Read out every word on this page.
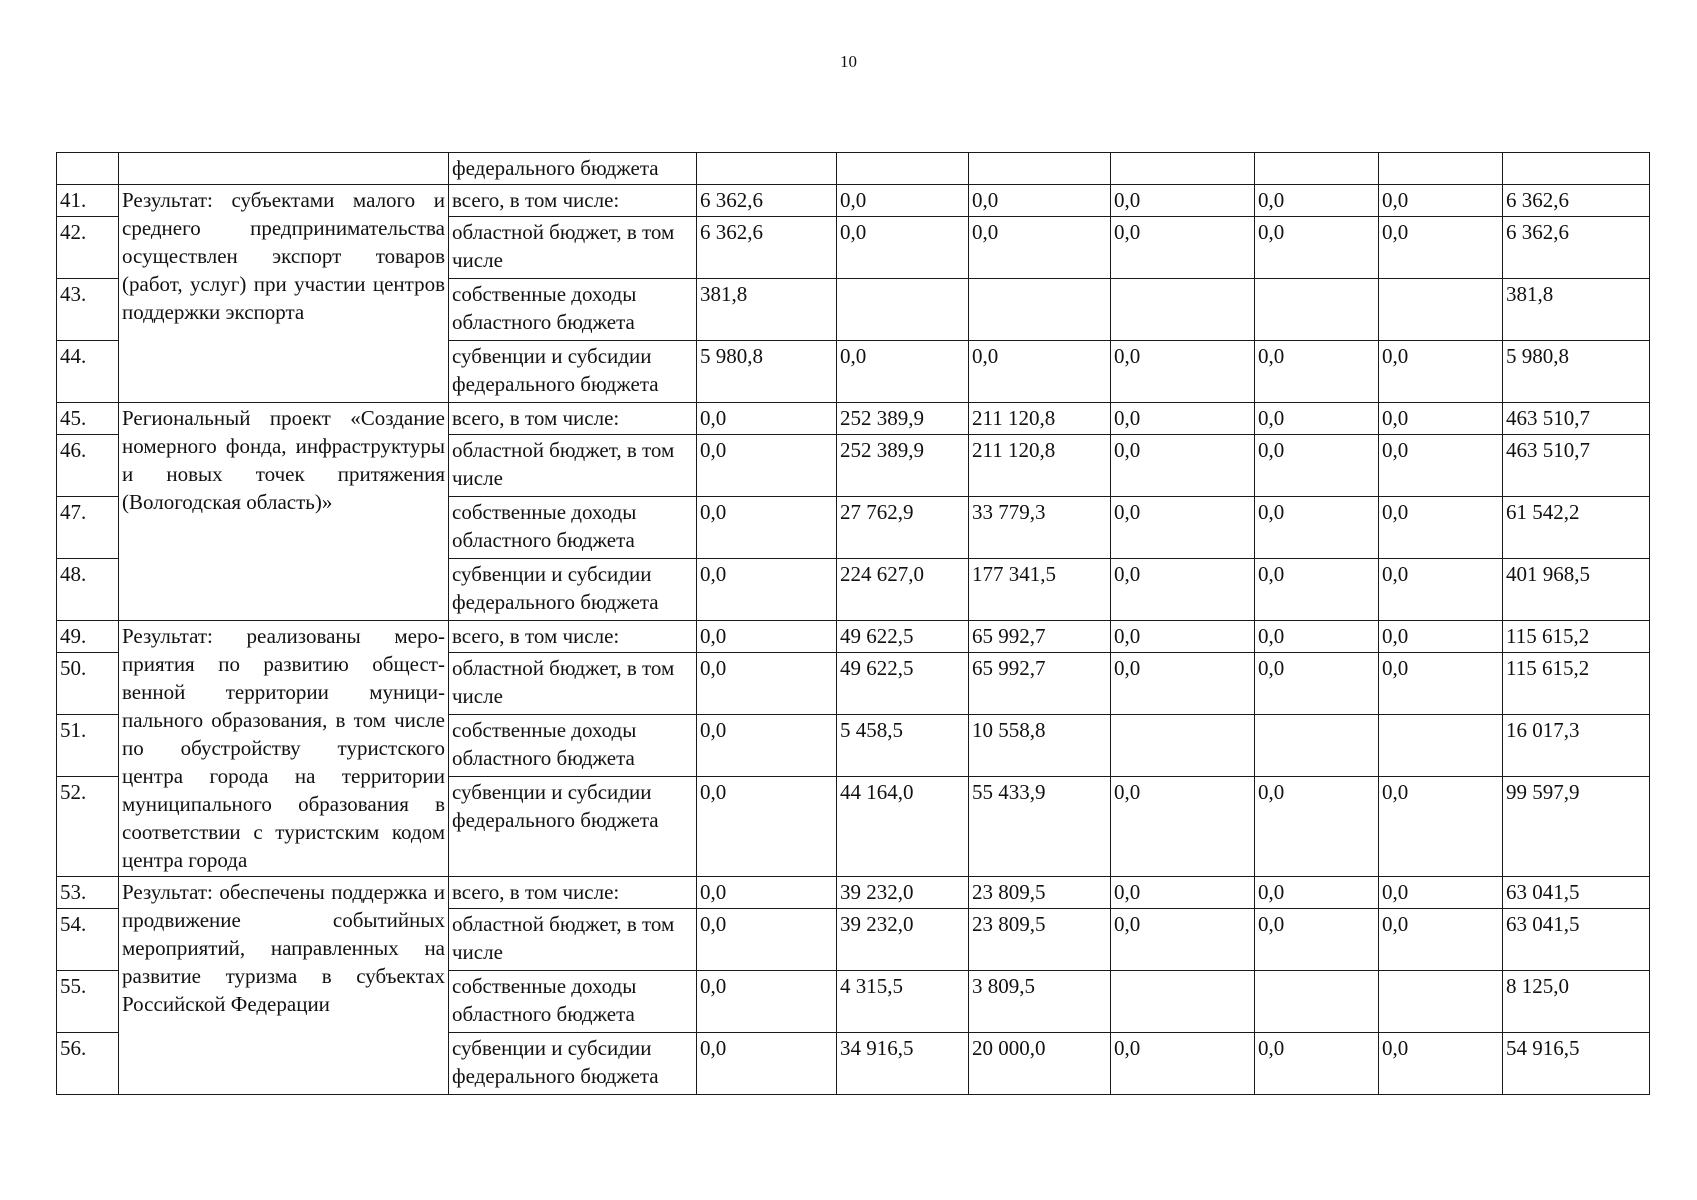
10
		федерального бюджета							
41.	Результат: субъектами малого и среднего предпринимательства осуществлен экспорт товаров (работ, услуг) при участии центров поддержки экспорта	всего, в том числе:	6 362,6	0,0	0,0	0,0	0,0	0,0	6 362,6
42.		областной бюджет, в том числе	6 362,6	0,0	0,0	0,0	0,0	0,0	6 362,6
43.		собственные доходы областного бюджета	381,8						381,8
44.		субвенции и субсидии федерального бюджета	5 980,8	0,0	0,0	0,0	0,0	0,0	5 980,8
45.	Региональный проект «Создание номерного фонда, инфраструктуры и новых точек притяжения (Вологодская область)»	всего, в том числе:	0,0	252 389,9	211 120,8	0,0	0,0	0,0	463 510,7
46.		областной бюджет, в том числе	0,0	252 389,9	211 120,8	0,0	0,0	0,0	463 510,7
47.		собственные доходы областного бюджета	0,0	27 762,9	33 779,3	0,0	0,0	0,0	61 542,2
48.		субвенции и субсидии федерального бюджета	0,0	224 627,0	177 341,5	0,0	0,0	0,0	401 968,5
49.	Результат: реализованы мероприятия по развитию общественной территории муниципального образования, в том числе по обустройству туристского центра города на территории муниципального образования в соответствии с туристским кодом центра города	всего, в том числе:	0,0	49 622,5	65 992,7	0,0	0,0	0,0	115 615,2
50.		областной бюджет, в том числе	0,0	49 622,5	65 992,7	0,0	0,0	0,0	115 615,2
51.		собственные доходы областного бюджета	0,0	5 458,5	10 558,8				16 017,3
52.		субвенции и субсидии федерального бюджета	0,0	44 164,0	55 433,9	0,0	0,0	0,0	99 597,9
53.	Результат: обеспечены поддержка и продвижение событийных мероприятий, направленных на развитие туризма в субъектах Российской Федерации	всего, в том числе:	0,0	39 232,0	23 809,5	0,0	0,0	0,0	63 041,5
54.		областной бюджет, в том числе	0,0	39 232,0	23 809,5	0,0	0,0	0,0	63 041,5
55.		собственные доходы областного бюджета	0,0	4 315,5	3 809,5				8 125,0
56.		субвенции и субсидии федерального бюджета	0,0	34 916,5	20 000,0	0,0	0,0	0,0	54 916,5
